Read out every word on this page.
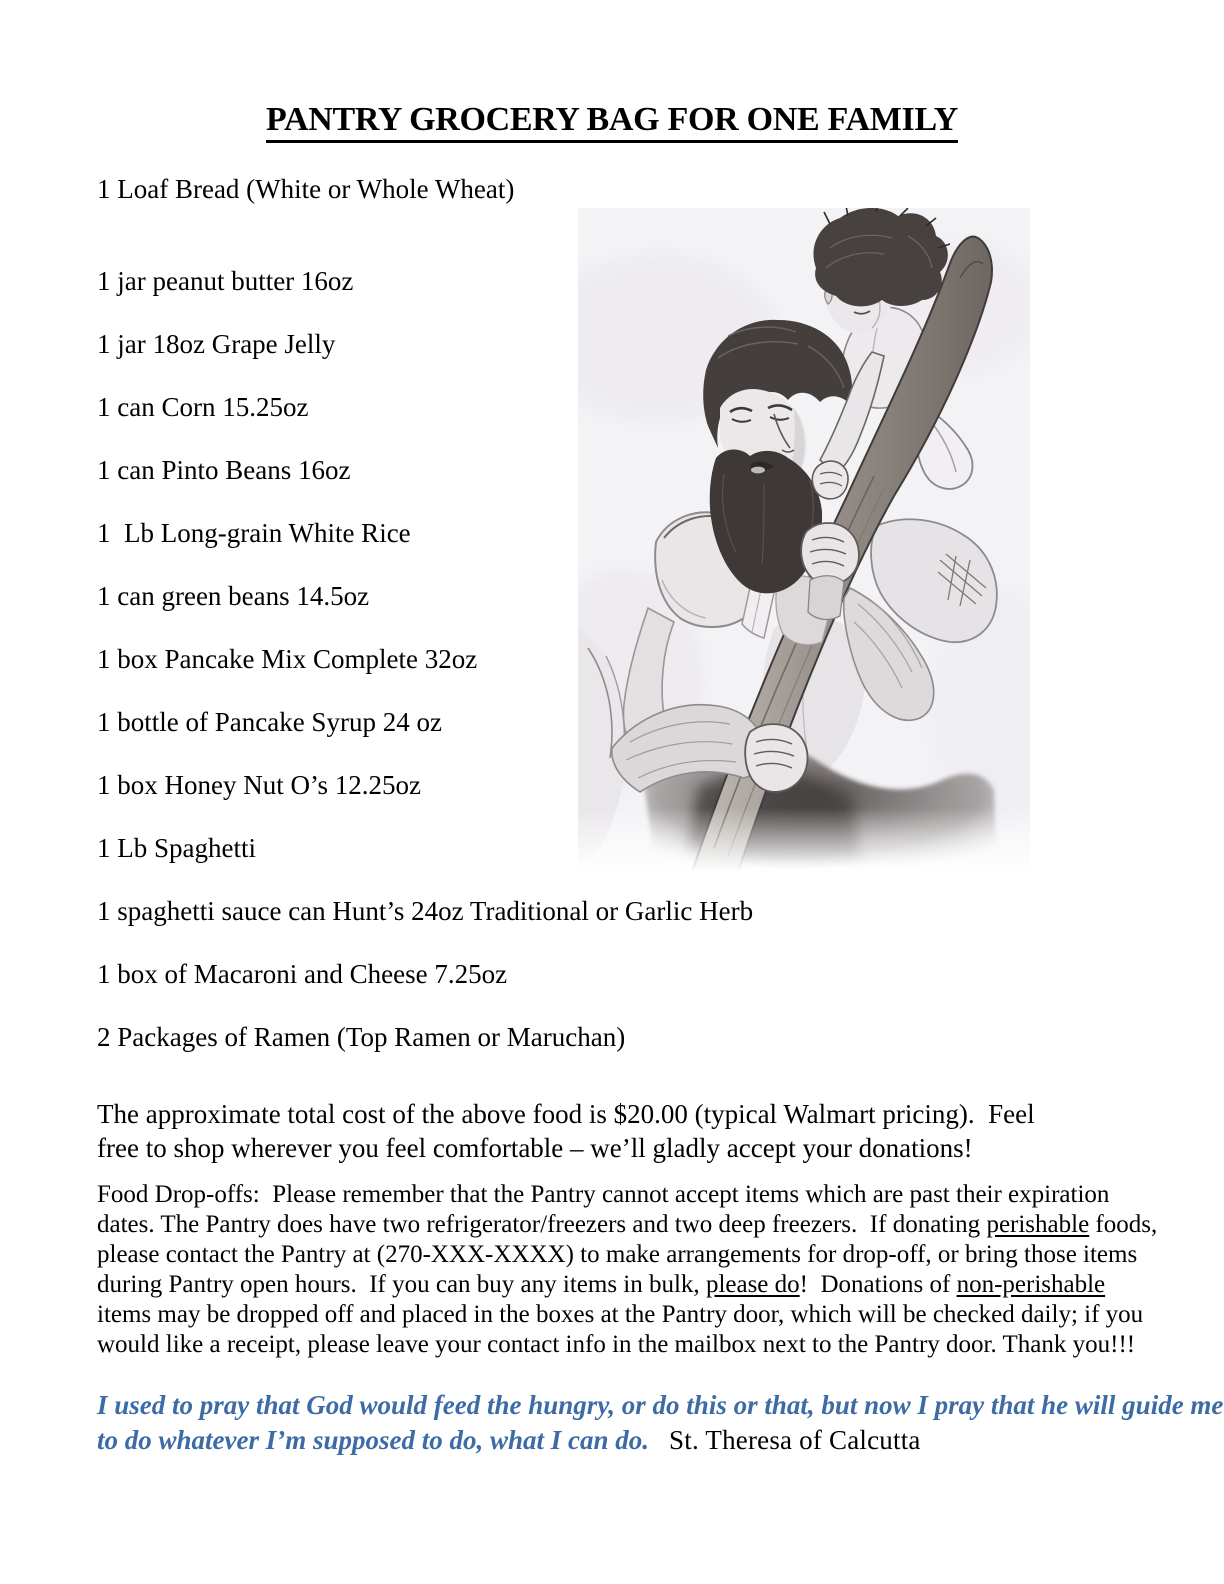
PANTRY GROCERY BAG FOR ONE FAMILY
1 Loaf Bread (White or Whole Wheat)
1 jar peanut butter 16oz
1 jar 18oz Grape Jelly
1 can Corn 15.25oz
1 can Pinto Beans 16oz
1  Lb Long-grain White Rice
1 can green beans 14.5oz
1 box Pancake Mix Complete 32oz
1 bottle of Pancake Syrup 24 oz
1 box Honey Nut O’s 12.25oz
1 Lb Spaghetti
1 spaghetti sauce can Hunt’s 24oz Traditional or Garlic Herb
1 box of Macaroni and Cheese 7.25oz
2 Packages of Ramen (Top Ramen or Maruchan)
The approximate total cost of the above food is $20.00 (typical Walmart pricing).  Feel
free to shop wherever you feel comfortable – we’ll gladly accept your donations!
Food Drop-offs:  Please remember that the Pantry cannot accept items which are past their expiration
dates. The Pantry does have two refrigerator/freezers and two deep freezers.  If donating perishable foods,
please contact the Pantry at (270-XXX-XXXX) to make arrangements for drop-off, or bring those items
during Pantry open hours.  If you can buy any items in bulk, please do!  Donations of non-perishable
items may be dropped off and placed in the boxes at the Pantry door, which will be checked daily; if you
would like a receipt, please leave your contact info in the mailbox next to the Pantry door. Thank you!!!
I used to pray that God would feed the hungry, or do this or that, but now I pray that he will guide me
to do whatever I’m supposed to do, what I can do. St. Theresa of Calcutta
